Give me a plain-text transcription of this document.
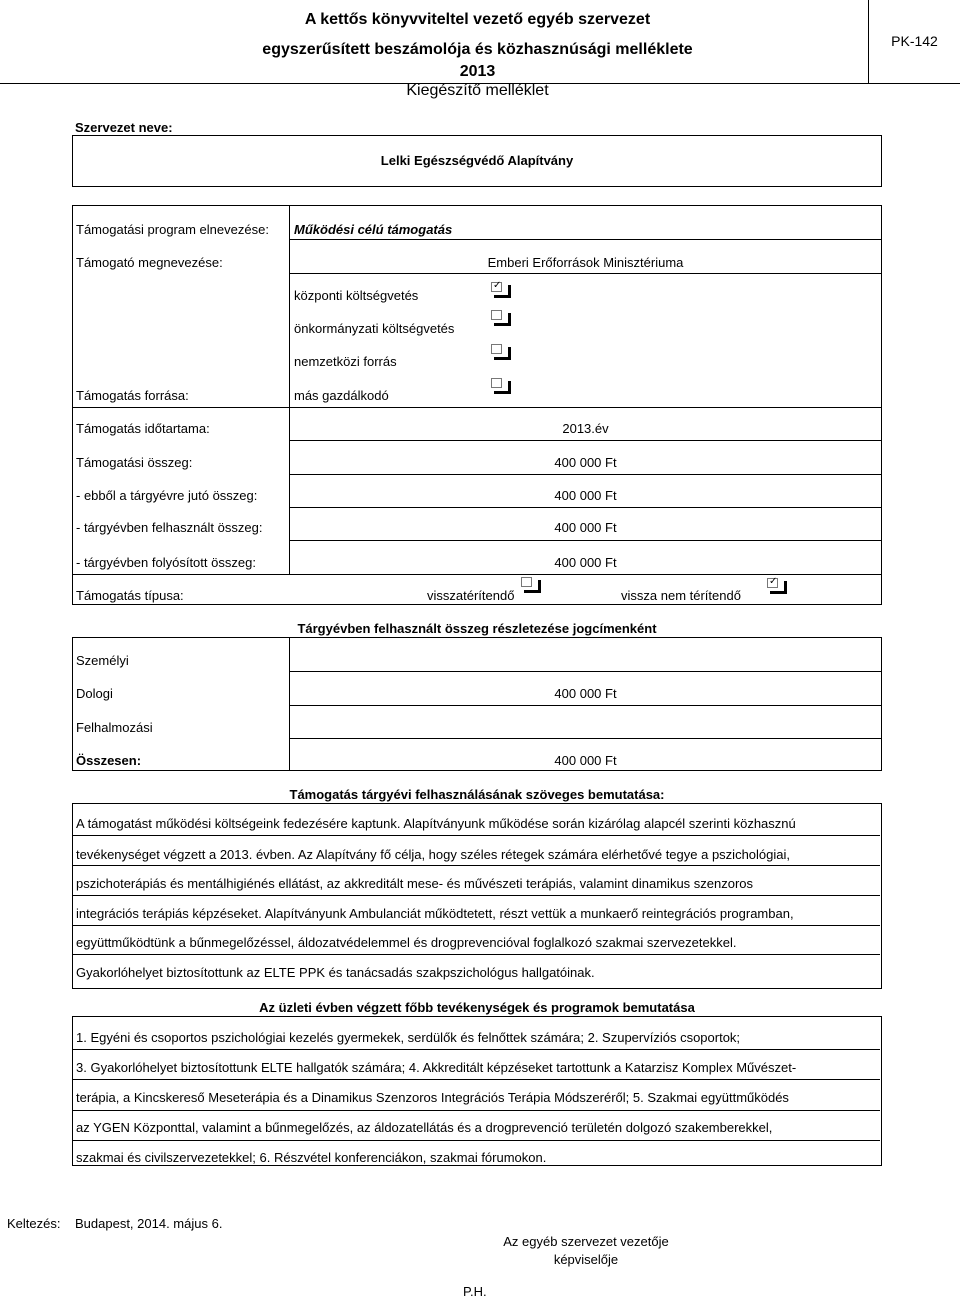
A kettős könyvviteltel vezető egyéb szervezet
egyszerűsített beszámolója és közhasznúsági melléklete
2013
Kiegészítő melléklet
PK-142
Szervezet neve:
Lelki Egészségvédő Alapítvány
Támogatási program elnevezése: Működési célú támogatás
Támogató megnevezése:	Emberi Erőforrások Minisztériuma
központi költségvetés
✓
önkormányzati költségvetés
nemzetközi forrás
más gazdálkodó
Támogatás forrása:
Támogatás időtartama:	2013.év
Támogatási összeg:	400 000 Ft
- ebből a tárgyévre jutó összeg:	400 000 Ft
- tárgyévben felhasznált összeg:	400 000 Ft
- tárgyévben folyósított összeg:	400 000 Ft
Támogatás típusa:	visszatérítendő	vissza nem térítendő
✓
Tárgyévben felhasznált összeg részletezése jogcímenként
Személyi
Dologi	400 000 Ft
Felhalmozási
Összesen:	400 000 Ft
Támogatás tárgyévi felhasználásának szöveges bemutatása:
A támogatást működési költségeink fedezésére kaptunk. Alapítványunk működése során kizárólag alapcél szerinti közhasznú
tevékenységet végzett a 2013. évben. Az Alapítvány fő célja, hogy széles rétegek számára elérhetővé tegye a pszichológiai,
pszichoterápiás és mentálhigiénés ellátást, az akkreditált mese- és művészeti terápiás, valamint dinamikus szenzoros
integrációs terápiás képzéseket. Alapítványunk Ambulanciát működtetett, részt vettük a munkaerő reintegrációs programban,
együttműködtünk a bűnmegelőzéssel, áldozatvédelemmel és drogprevencióval foglalkozó szakmai szervezetekkel.
Gyakorlóhelyet biztosítottunk az ELTE PPK és tanácsadás szakpszichológus hallgatóinak.
Az üzleti évben végzett főbb tevékenységek és programok bemutatása
1. Egyéni és csoportos pszichológiai kezelés gyermekek, serdülők és felnőttek számára; 2. Szupervíziós csoportok;
3. Gyakorlóhelyet biztosítottunk ELTE hallgatók számára; 4. Akkreditált képzéseket tartottunk a Katarzisz Komplex Művészet-
terápia, a Kincskereső Meseterápia és a Dinamikus Szenzoros Integrációs Terápia Módszeréről; 5. Szakmai együttműködés
az YGEN Központtal, valamint a bűnmegelőzés, az áldozatellátás és a drogprevenció területén dolgozó szakemberekkel,
szakmai és civilszervezetekkel; 6. Részvétel konferenciákon, szakmai fórumokon.
Keltezés: Budapest, 2014. május 6.
Az egyéb szervezet vezetője
képviselője
P.H.
